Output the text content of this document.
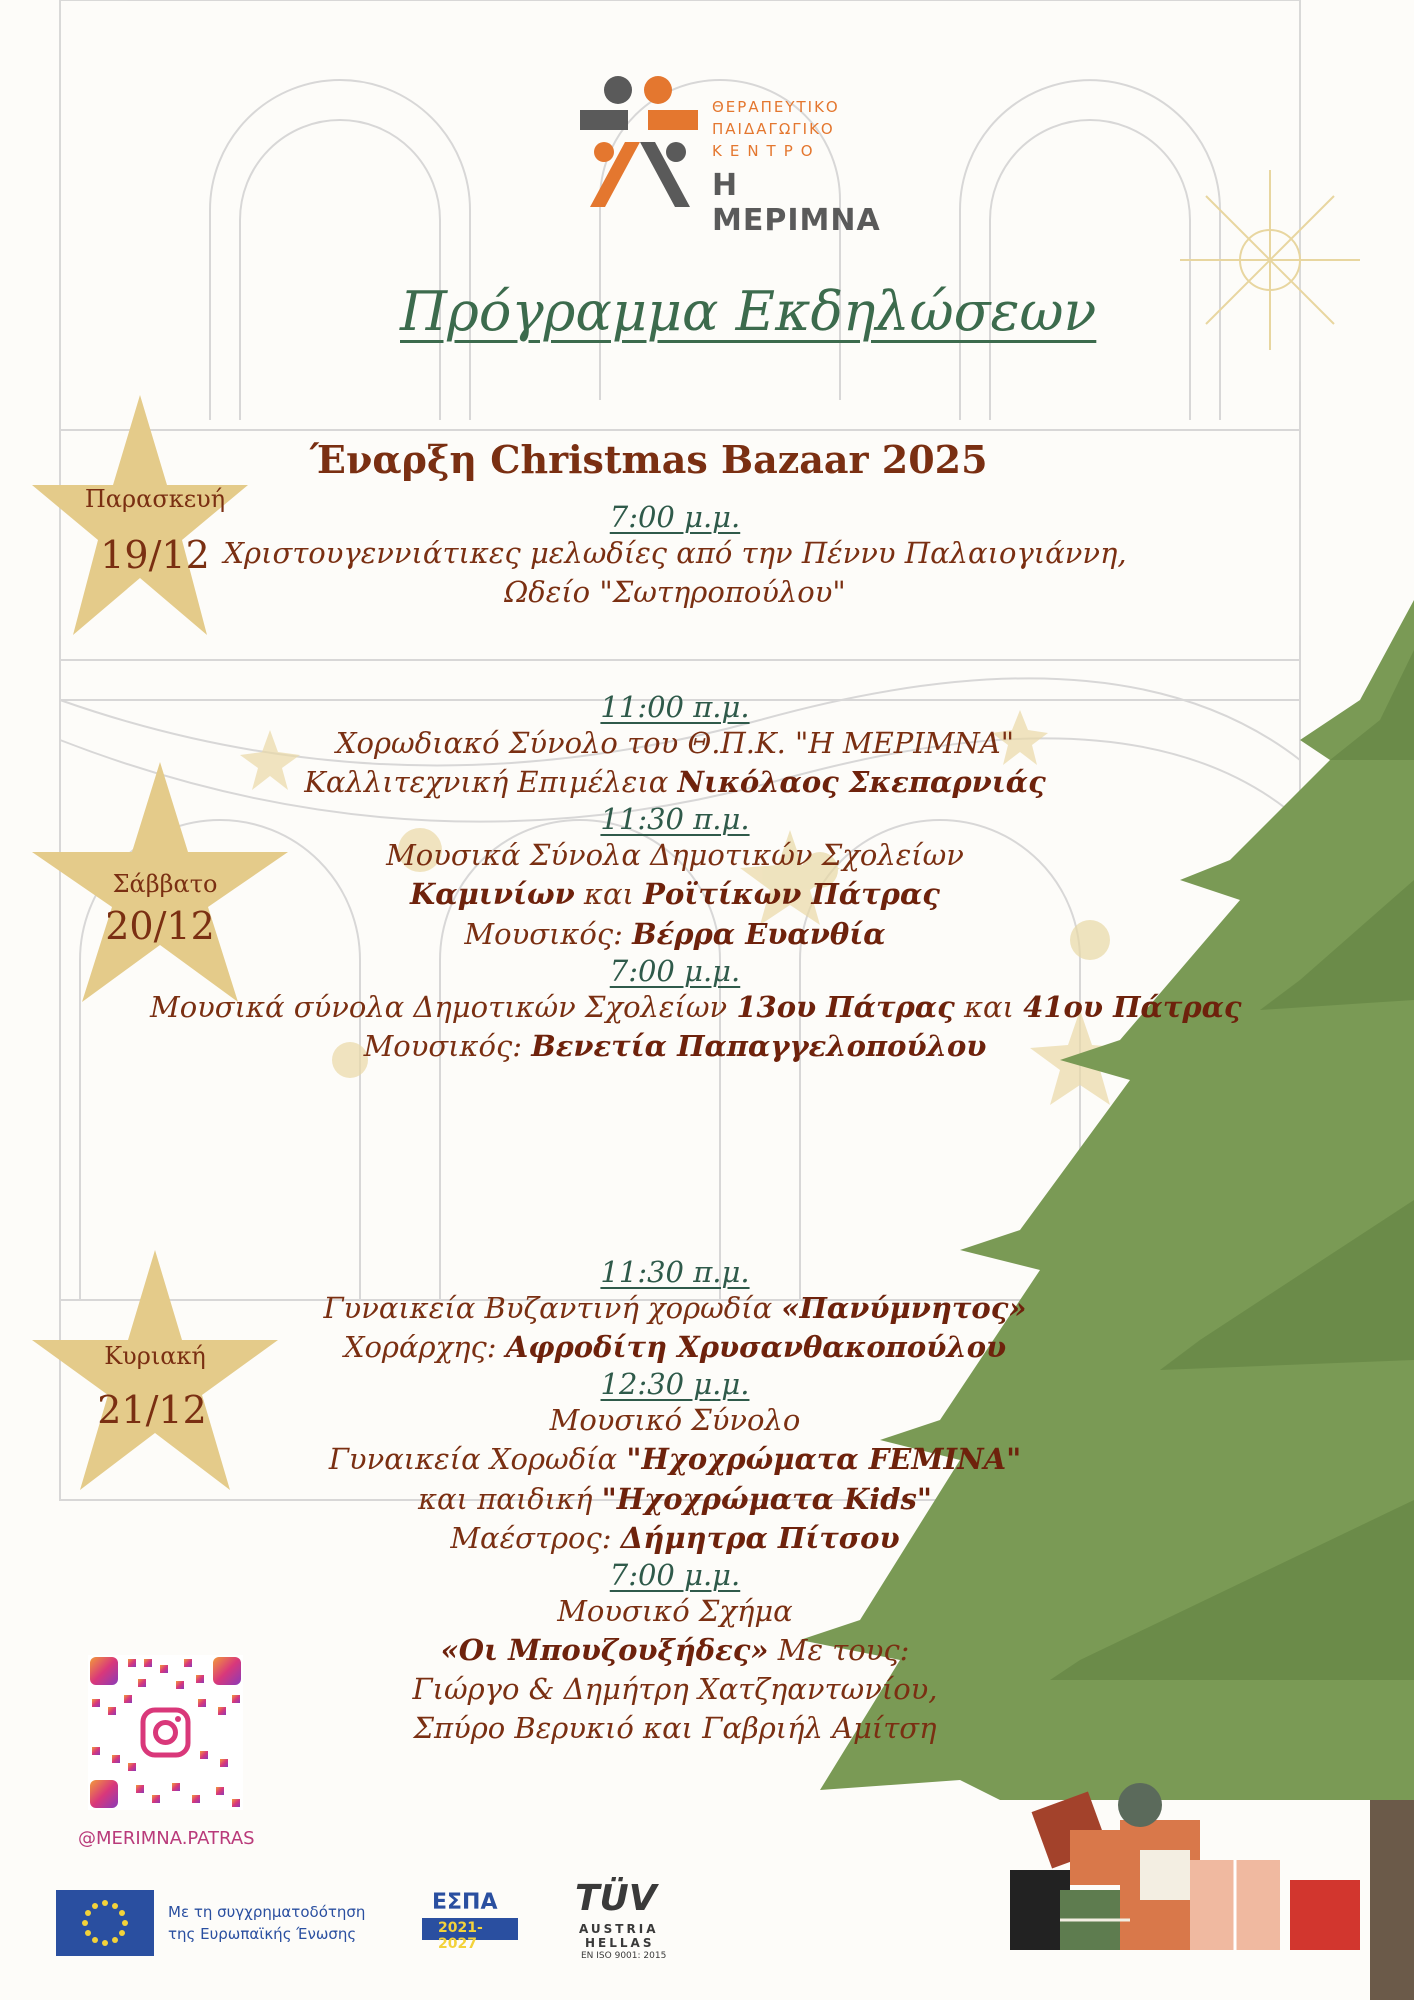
ΘΕΡΑΠΕΥΤΙΚΟ
ΠΑΙΔΑΓΩΓΙΚΟ
ΚΕΝΤΡΟ
Η ΜΕΡΙΜΝΑ
Πρόγραμμα Εκδηλώσεων
Παρασκευή
19/12
Σάββατο
20/12
Κυριακή
21/12
Έναρξη Christmas Bazaar 2025
7:00 μ.μ.
Χριστουγεννιάτικες μελωδίες από την Πέννυ Παλαιογιάννη,
Ωδείο "Σωτηροπούλου"
11:00 π.μ.
Χορωδιακό Σύνολο του Θ.Π.Κ. "Η ΜΕΡΙΜΝΑ"
Καλλιτεχνική Επιμέλεια Νικόλαος Σκεπαρνιάς
11:30 π.μ.
Μουσικά Σύνολα Δημοτικών Σχολείων
Καμινίων και Ροϊτίκων Πάτρας
Μουσικός: Βέρρα Ευανθία
7:00 μ.μ.
Μουσικά σύνολα Δημοτικών Σχολείων 13ου Πάτρας και 41ου Πάτρας
Μουσικός: Βενετία Παπαγγελοπούλου
11:30 π.μ.
Γυναικεία Βυζαντινή χορωδία «Πανύμνητος»
Χοράρχης: Αφροδίτη Χρυσανθακοπούλου
12:30 μ.μ.
Μουσικό Σύνολο
Γυναικεία Χορωδία "Ηχοχρώματα FEMINA"
και παιδική "Ηχοχρώματα Kids"
Μαέστρος: Δήμητρα Πίτσου
7:00 μ.μ.
Μουσικό Σχήμα
«Οι Μπουζουξήδες» Με τους:
Γιώργο & Δημήτρη Χατζηαντωνίου,
Σπύρο Βερυκιό και Γαβριήλ Αμίτση
@MERIMNA.PATRAS
Με τη συγχρηματοδότηση
της Ευρωπαϊκής Ένωσης
ΕΣΠΑ
2021-2027
TÜV
AUSTRIA
HELLAS
EN ISO 9001: 2015
